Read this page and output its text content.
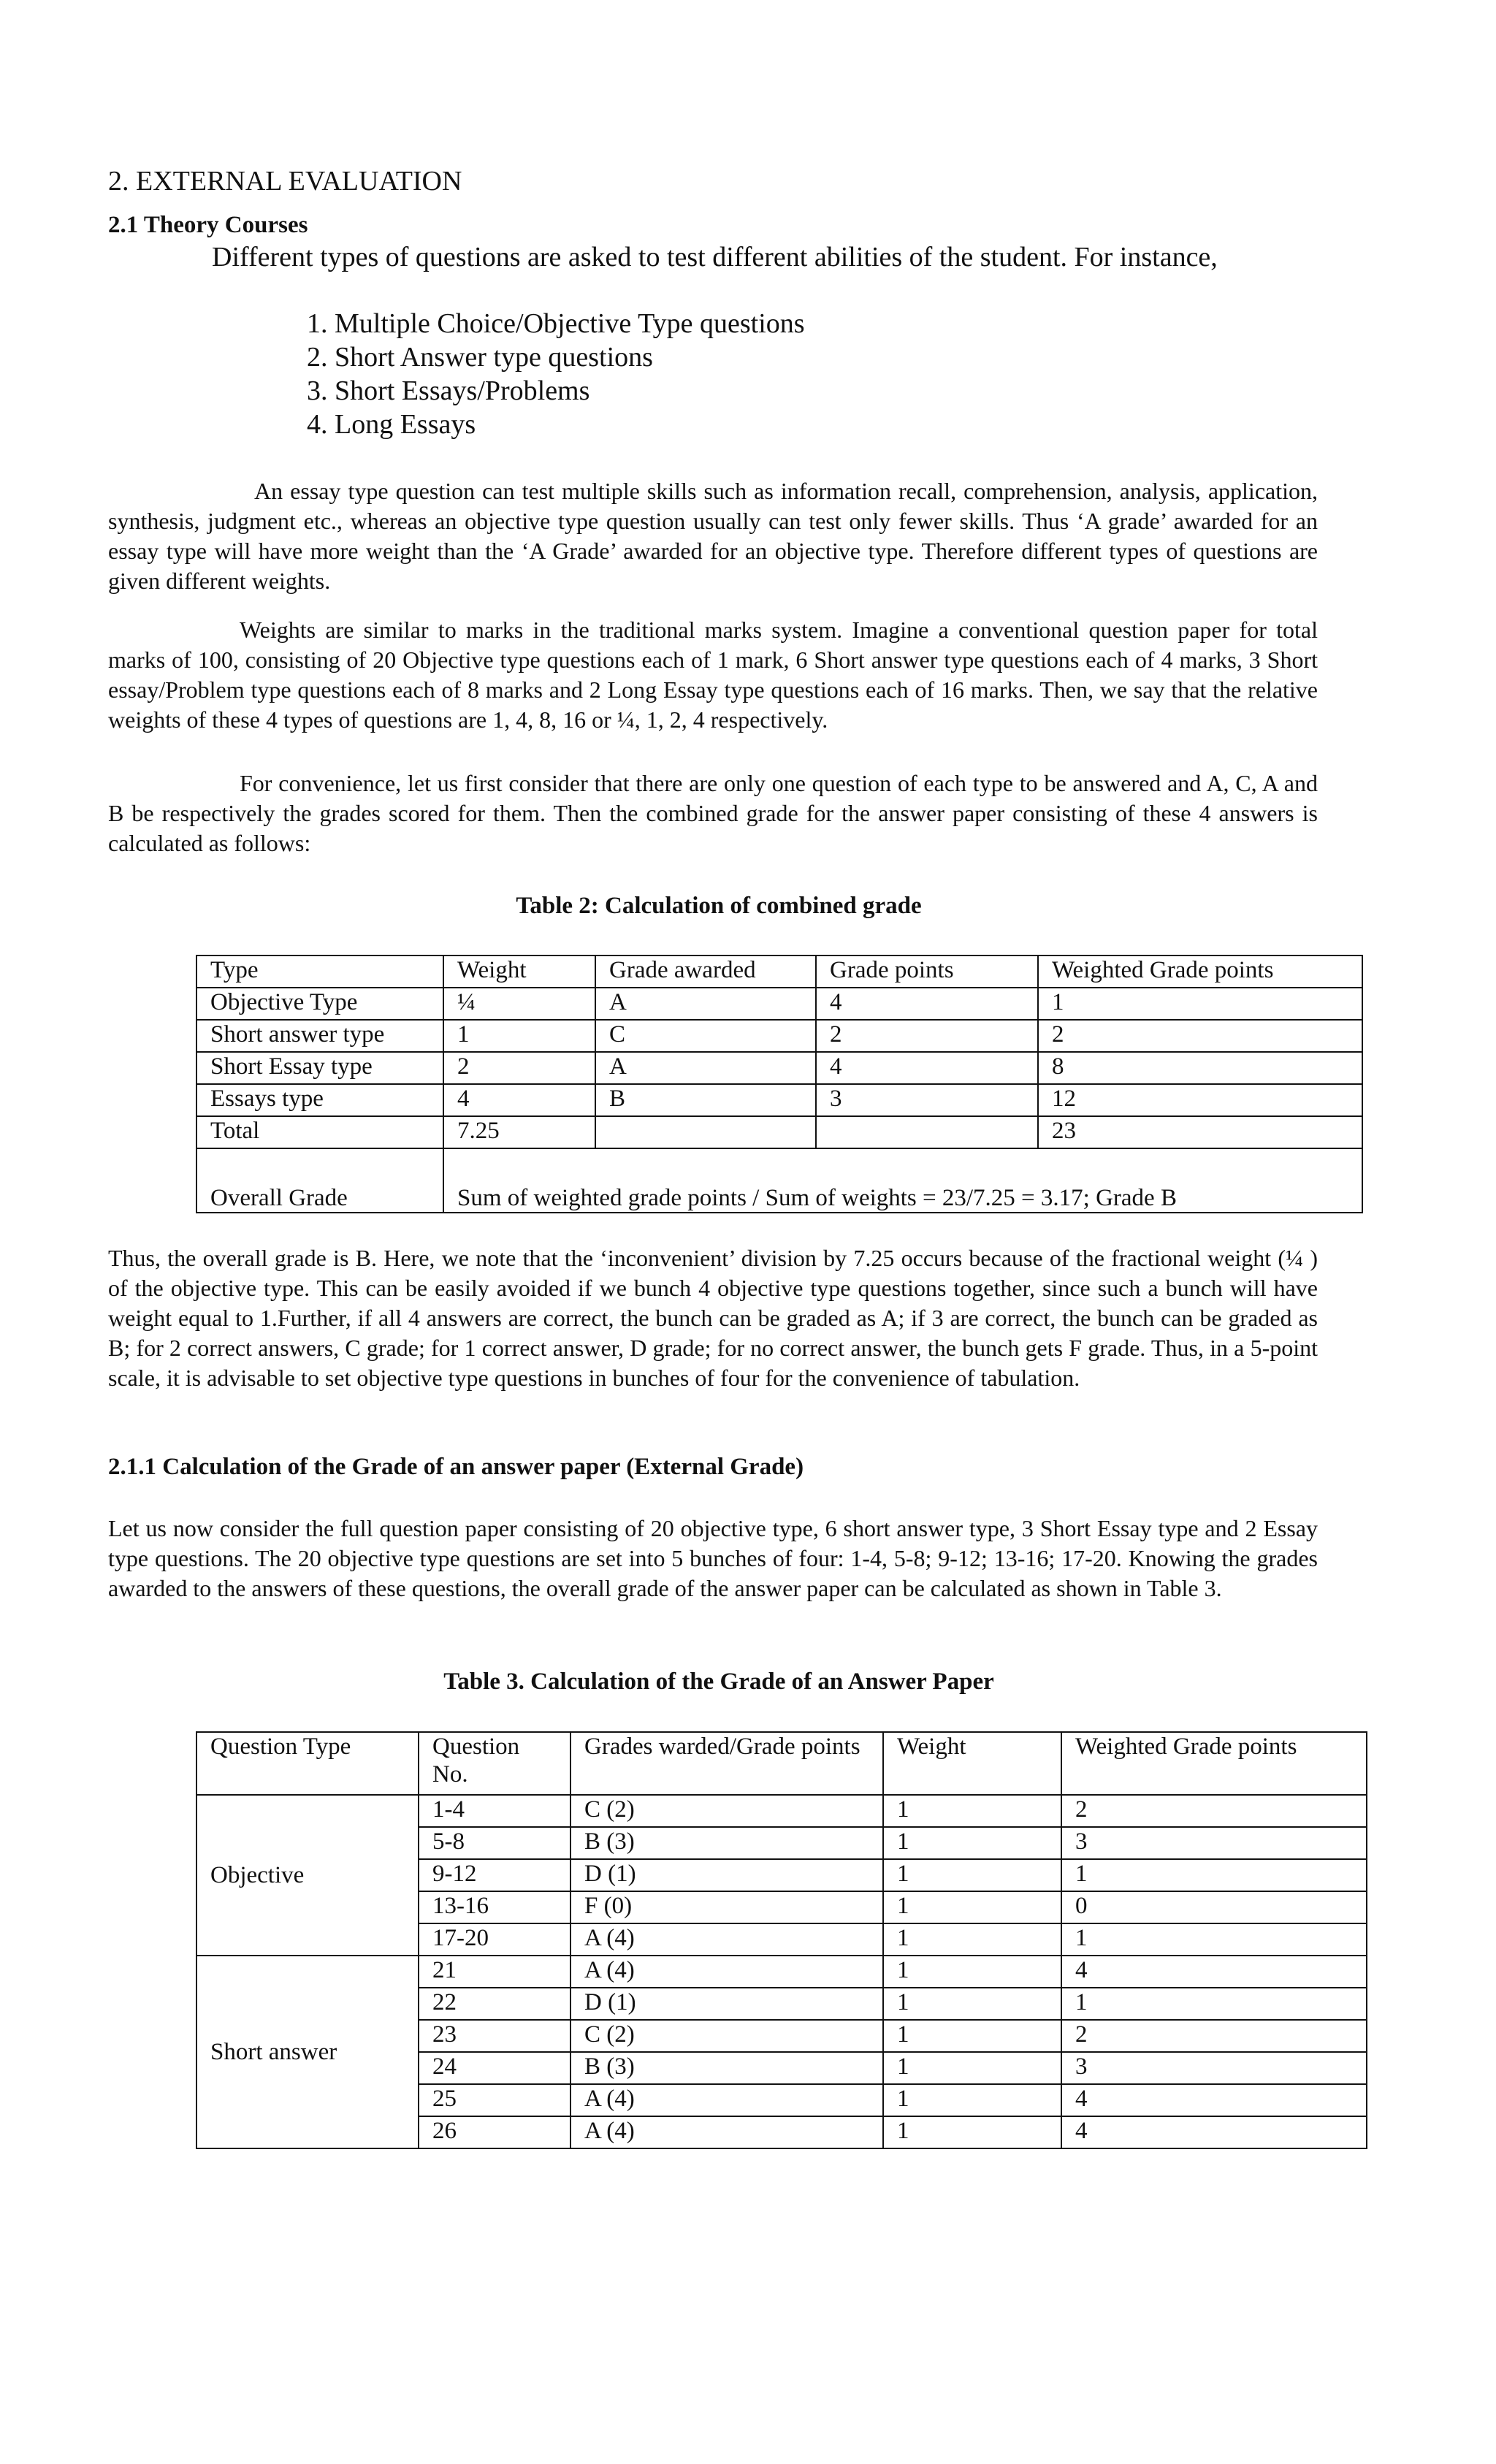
2. EXTERNAL EVALUATION
2.1 Theory Courses
Different types of questions are asked to test different abilities of the student. For instance,
1. Multiple Choice/Objective Type questions
2. Short Answer type questions
3. Short Essays/Problems
4. Long Essays
An essay type question can test multiple skills such as information recall, comprehension, analysis, application, synthesis, judgment etc., whereas an objective type question usually can test only fewer skills. Thus ‘A grade’ awarded for an essay type will have more weight than the ‘A Grade’ awarded for an objective type. Therefore different types of questions are given different weights.
Weights are similar to marks in the traditional marks system. Imagine a conventional question paper for total marks of 100, consisting of 20 Objective type questions each of 1 mark, 6 Short answer type questions each of 4 marks, 3 Short essay/Problem type questions each of 8 marks and 2 Long Essay type questions each of 16 marks. Then, we say that the relative weights of these 4 types of questions are 1, 4, 8, 16 or ¼, 1, 2, 4 respectively.
For convenience, let us first consider that there are only one question of each type to be answered and A, C, A and B be respectively the grades scored for them. Then the combined grade for the answer paper consisting of these 4 answers is calculated as follows:
Table 2: Calculation of combined grade
Type	Weight	Grade awarded	Grade points	Weighted Grade points
Objective Type	¼	A	4	1
Short answer type	1	C	2	2
Short Essay type	2	A	4	8
Essays type	4	B	3	12
Total	7.25			23
Overall Grade	Sum of weighted grade points / Sum of weights = 23/7.25 = 3.17; Grade B			
Thus, the overall grade is B. Here, we note that the ‘inconvenient’ division by 7.25 occurs because of the fractional weight (¼ ) of the objective type. This can be easily avoided if we bunch 4 objective type questions together, since such a bunch will have weight equal to 1.Further, if all 4 answers are correct, the bunch can be graded as A; if 3 are correct, the bunch can be graded as B; for 2 correct answers, C grade; for 1 correct answer, D grade; for no correct answer, the bunch gets F grade. Thus, in a 5-point scale, it is advisable to set objective type questions in bunches of four for the convenience of tabulation.
2.1.1 Calculation of the Grade of an answer paper (External Grade)
Let us now consider the full question paper consisting of 20 objective type, 6 short answer type, 3 Short Essay type and 2 Essay type questions. The 20 objective type questions are set into 5 bunches of four: 1-4, 5-8; 9-12; 13-16; 17-20. Knowing the grades awarded to the answers of these questions, the overall grade of the answer paper can be calculated as shown in Table 3.
Table 3. Calculation of the Grade of an Answer Paper
Question Type	Question No.	Grades warded/Grade points	Weight	Weighted Grade points
Objective	1-4	C (2)	1	2
	5-8	B (3)	1	3
	9-12	D (1)	1	1
	13-16	F (0)	1	0
	17-20	A (4)	1	1
Short answer	21	A (4)	1	4
	22	D (1)	1	1
	23	C (2)	1	2
	24	B (3)	1	3
	25	A (4)	1	4
	26	A (4)	1	4
